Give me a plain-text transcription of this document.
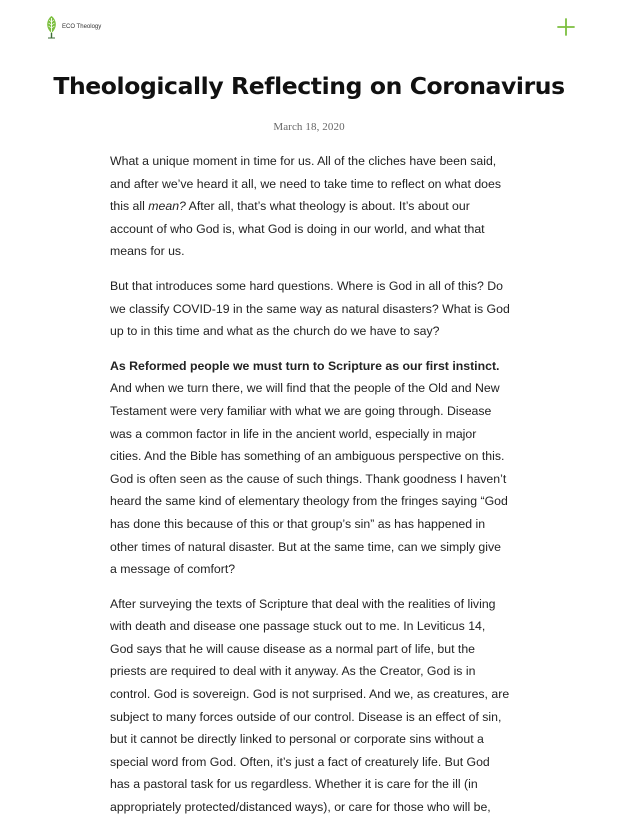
ECO Theology
Theologically Reflecting on Coronavirus
March 18, 2020

What a unique moment in time for us. All of the cliches have been said, and after we’ve heard it all, we need to take time to reflect on what does this all mean? After all, that’s what theology is about. It’s about our account of who God is, what God is doing in our world, and what that means for us.

But that introduces some hard questions. Where is God in all of this? Do we classify COVID-19 in the same way as natural disasters? What is God up to in this time and what as the church do we have to say?

As Reformed people we must turn to Scripture as our first instinct. And when we turn there, we will find that the people of the Old and New Testament were very familiar with what we are going through. Disease was a common factor in life in the ancient world, especially in major cities. And the Bible has something of an ambiguous perspective on this. God is often seen as the cause of such things. Thank goodness I haven’t heard the same kind of elementary theology from the fringes saying “God has done this because of this or that group’s sin” as has happened in other times of natural disaster. But at the same time, can we simply give a message of comfort?

After surveying the texts of Scripture that deal with the realities of living with death and disease one passage stuck out to me. In Leviticus 14, God says that he will cause disease as a normal part of life, but the priests are required to deal with it anyway. As the Creator, God is in control. God is sovereign. God is not surprised. And we, as creatures, are subject to many forces outside of our control. Disease is an effect of sin, but it cannot be directly linked to personal or corporate sins without a special word from God. Often, it’s just a fact of creaturely life. But God has a pastoral task for us regardless. Whether it is care for the ill (in appropriately protected/distanced ways), or care for those who will be,
